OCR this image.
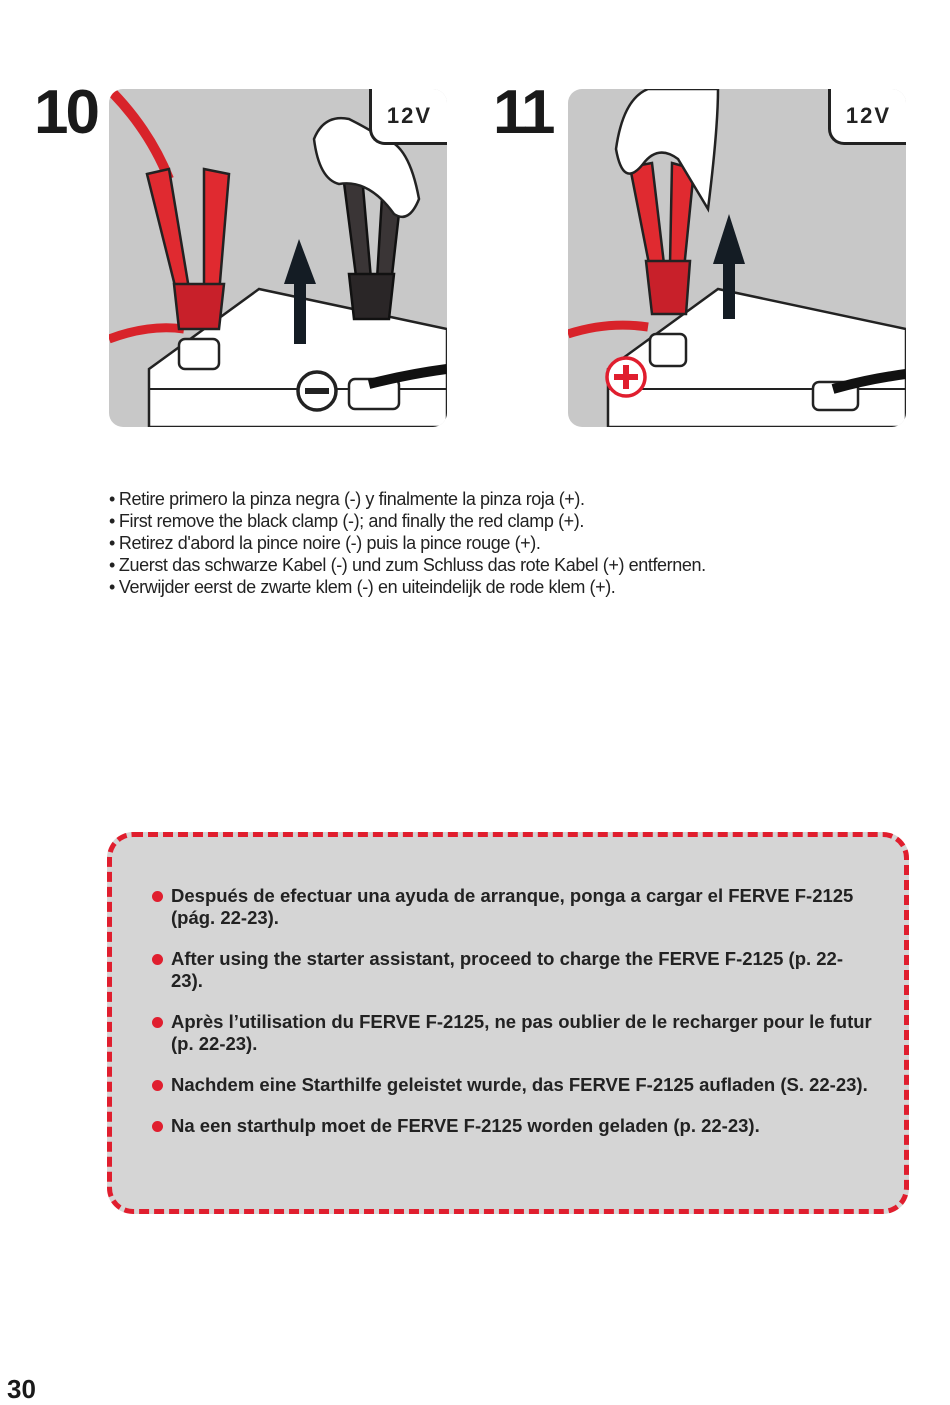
10	12V 11	12V
• Retire primero la pinza negra (-) y finalmente la pinza roja (+).
• First remove the black clamp (-); and finally the red clamp (+).
• Retirez d'abord la pince noire (-) puis la pince rouge (+).
• Zuerst das schwarze Kabel (-) und zum Schluss das rote Kabel (+) entfernen.
• Verwijder eerst de zwarte klem (-) en uiteindelijk de rode klem (+).
Después de efectuar una ayuda de arranque, ponga a cargar el FERVE F-2125 (pág. 22-23).
After using the starter assistant, proceed to charge the FERVE F-2125 (p. 22-23).
Après l’utilisation du FERVE F-2125, ne pas oublier de le recharger pour le futur (p. 22-23).
Nachdem eine Starthilfe geleistet wurde, das FERVE F-2125 aufladen (S. 22-23).
Na een starthulp moet de FERVE F-2125 worden geladen (p. 22-23).
30
